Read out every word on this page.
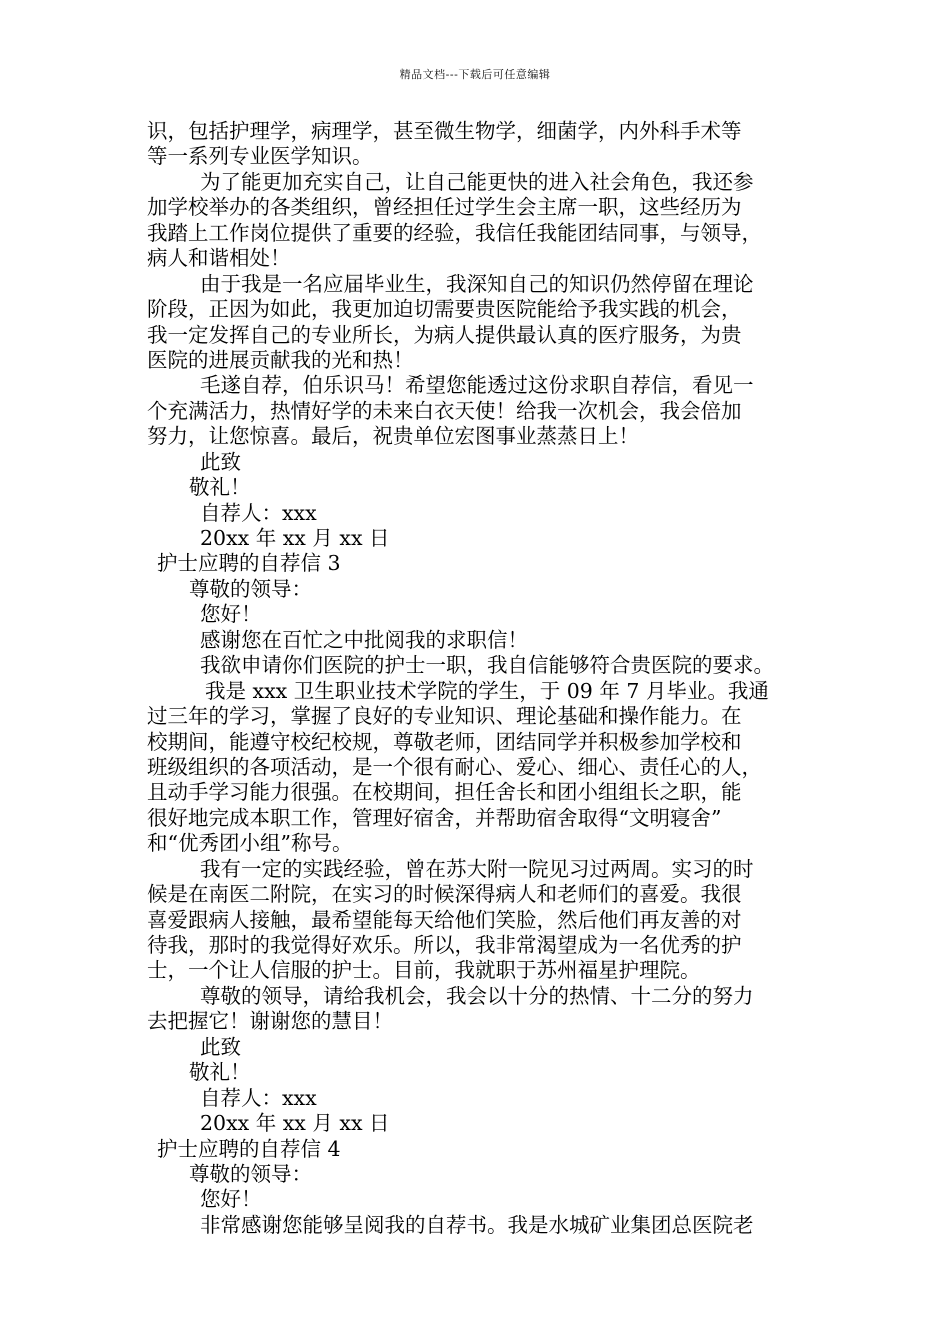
精品文档---下载后可任意编辑
识，包括护理学，病理学，甚至微生物学，细菌学，内外科手术等
等一系列专业医学知识。
为了能更加充实自己，让自己能更快的进入社会角色，我还参
加学校举办的各类组织，曾经担任过学生会主席一职，这些经历为
我踏上工作岗位提供了重要的经验，我信任我能团结同事，与领导，
病人和谐相处！
由于我是一名应届毕业生，我深知自己的知识仍然停留在理论
阶段，正因为如此，我更加迫切需要贵医院能给予我实践的机会，
我一定发挥自己的专业所长，为病人提供最认真的医疗服务，为贵
医院的进展贡献我的光和热！
毛遂自荐，伯乐识马！希望您能透过这份求职自荐信，看见一
个充满活力，热情好学的未来白衣天使！给我一次机会，我会倍加
努力，让您惊喜。最后，祝贵单位宏图事业蒸蒸日上！
此致
敬礼！
自荐人：xxx
20xx 年 xx 月 xx 日
护士应聘的自荐信 3
尊敬的领导：
您好！
感谢您在百忙之中批阅我的求职信！
我欲申请你们医院的护士一职，我自信能够符合贵医院的要求。
我是 xxx 卫生职业技术学院的学生，于 09 年 7 月毕业。我通
过三年的学习，掌握了良好的专业知识、理论基础和操作能力。在
校期间，能遵守校纪校规，尊敬老师，团结同学并积极参加学校和
班级组织的各项活动，是一个很有耐心、爱心、细心、责任心的人，
且动手学习能力很强。在校期间，担任舍长和团小组组长之职，能
很好地完成本职工作，管理好宿舍，并帮助宿舍取得“文明寝舍”
和“优秀团小组”称号。
我有一定的实践经验，曾在苏大附一院见习过两周。实习的时
候是在南医二附院，在实习的时候深得病人和老师们的喜爱。我很
喜爱跟病人接触，最希望能每天给他们笑脸，然后他们再友善的对
待我，那时的我觉得好欢乐。所以，我非常渴望成为一名优秀的护
士，一个让人信服的护士。目前，我就职于苏州福星护理院。
尊敬的领导，请给我机会，我会以十分的热情、十二分的努力
去把握它！谢谢您的慧目！
此致
敬礼！
自荐人：xxx
20xx 年 xx 月 xx 日
护士应聘的自荐信 4
尊敬的领导：
您好！
非常感谢您能够呈阅我的自荐书。我是水城矿业集团总医院老
